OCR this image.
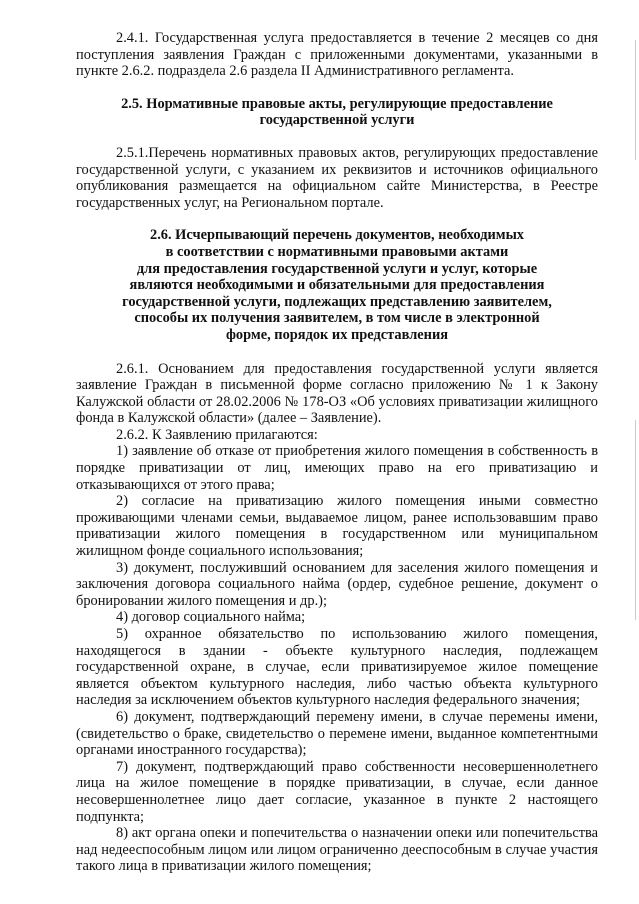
2.4.1. Государственная услуга предоставляется в течение 2 месяцев со дня поступления заявления Граждан с приложенными документами, указанными в пункте 2.6.2. подраздела 2.6 раздела II Административного регламента.

2.5. Нормативные правовые акты, регулирующие предоставление
государственной услуги

2.5.1.Перечень нормативных правовых актов, регулирующих предоставление государственной услуги, с указанием их реквизитов и источников официального опубликования размещается на официальном сайте Министерства, в Реестре государственных услуг, на Региональном портале.

2.6. Исчерпывающий перечень документов, необходимых
в соответствии с нормативными правовыми актами
для предоставления государственной услуги и услуг, которые
являются необходимыми и обязательными для предоставления
государственной услуги, подлежащих представлению заявителем,
способы их получения заявителем, в том числе в электронной
форме, порядок их представления

2.6.1. Основанием для предоставления государственной услуги является заявление Граждан в письменной форме согласно приложению № 1 к Закону Калужской области от 28.02.2006 № 178-ОЗ «Об условиях приватизации жилищного фонда в Калужской области» (далее – Заявление).

2.6.2. К Заявлению прилагаются:

1) заявление об отказе от приобретения жилого помещения в собственность в порядке приватизации от лиц, имеющих право на его приватизацию и отказывающихся от этого права;

2) согласие на приватизацию жилого помещения иными совместно проживающими членами семьи, выдаваемое лицом, ранее использовавшим право приватизации жилого помещения в государственном или муниципальном жилищном фонде социального использования;

3) документ, послуживший основанием для заселения жилого помещения и заключения договора социального найма (ордер, судебное решение, документ о бронировании жилого помещения и др.);

4) договор социального найма;

5) охранное обязательство по использованию жилого помещения, находящегося в здании - объекте культурного наследия, подлежащем государственной охране, в случае, если приватизируемое жилое помещение является объектом культурного наследия, либо частью объекта культурного наследия за исключением объектов культурного наследия федерального значения;

6) документ, подтверждающий перемену имени, в случае перемены имени, (свидетельство о браке, свидетельство о перемене имени, выданное компетентными органами иностранного государства);

7) документ, подтверждающий право собственности несовершеннолетнего лица на жилое помещение в порядке приватизации, в случае, если данное несовершеннолетнее лицо дает согласие, указанное в пункте 2 настоящего подпункта;

8) акт органа опеки и попечительства о назначении опеки или попечительства над недееспособным лицом или лицом ограниченно дееспособным в случае участия такого лица в приватизации жилого помещения;
